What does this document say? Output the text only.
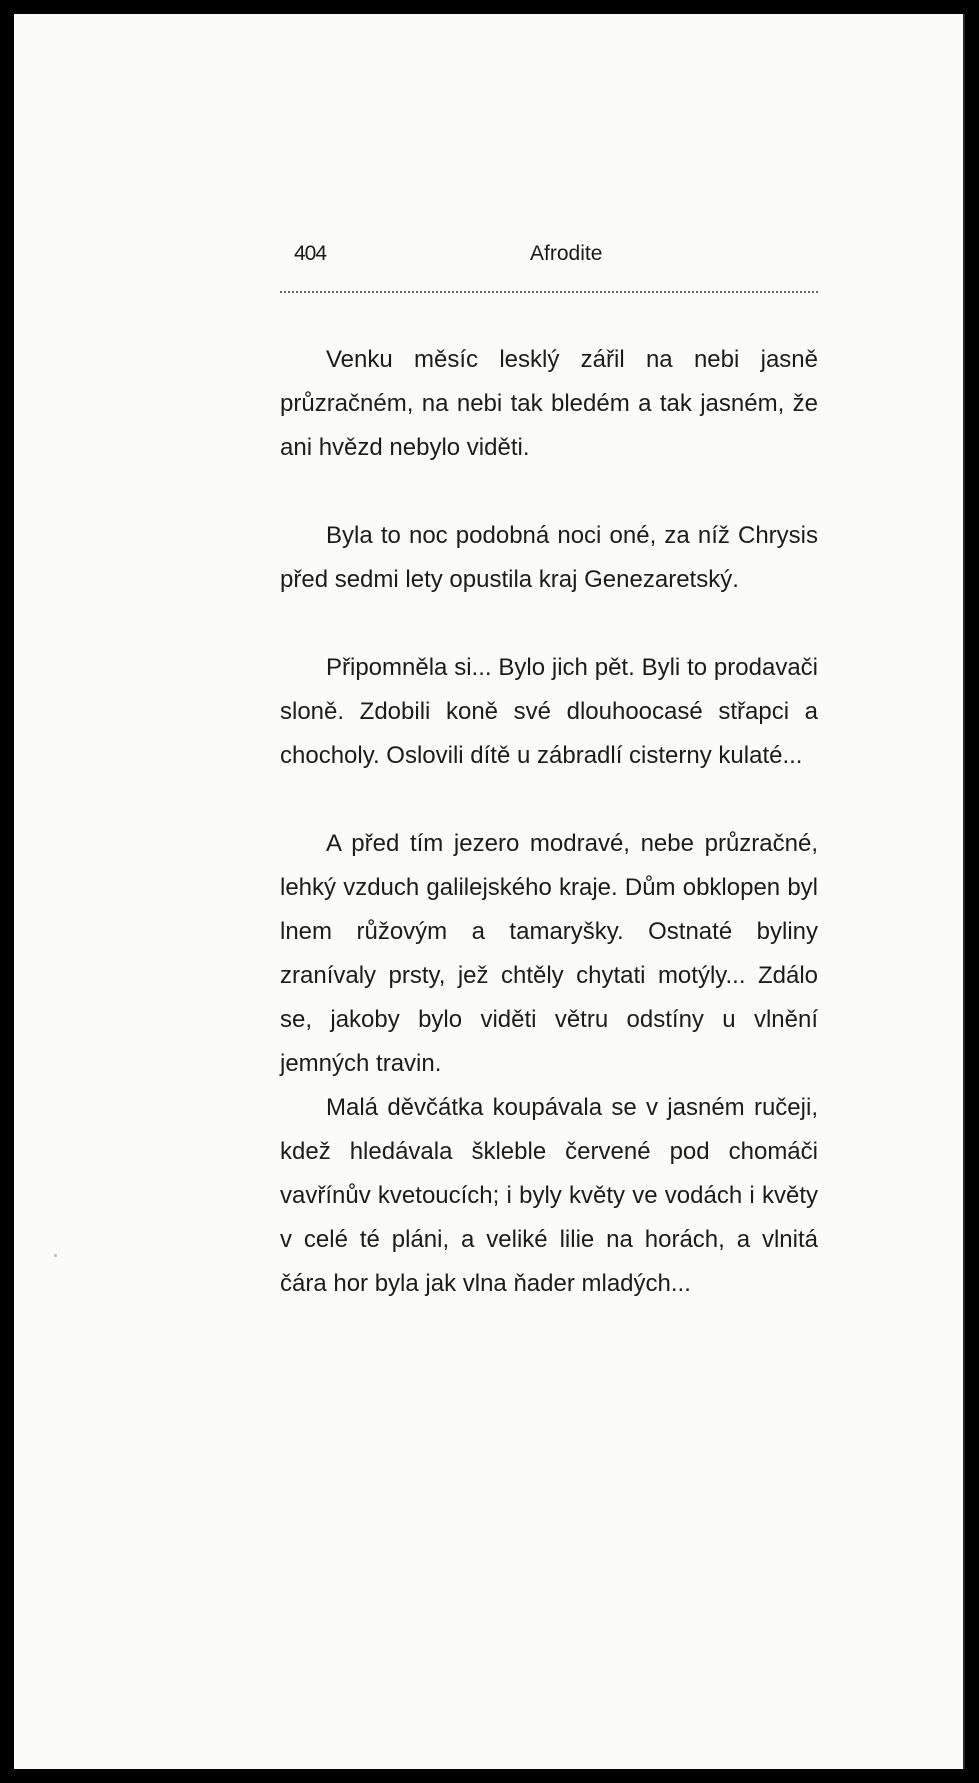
404	Afrodite

Venku měsíc lesklý zářil na nebi jasně průzračném, na nebi tak bledém a tak jasném, že ani hvězd nebylo viděti.

Byla to noc podobná noci oné, za níž Chrysis před sedmi lety opustila kraj Genezaretský.

Připomněla si... Bylo jich pět. Byli to prodavači sloně. Zdobili koně své dlouhoocasé střapci a chocholy. Oslovili dítě u zábradlí cisterny kulaté...

A před tím jezero modravé, nebe průzračné, lehký vzduch galilejského kraje. Dům obklopen byl lnem růžovým a tamaryšky. Ostnaté byliny zranívaly prsty, jež chtěly chytati motýly... Zdálo se, jakoby bylo viděti větru odstíny u vlnění jemných travin.

Malá děvčátka koupávala se v jasném ručeji, kdež hledávala škleble červené pod chomáči vavřínův kvetoucích; i byly květy ve vodách i květy v celé té pláni, a veliké lilie na horách, a vlnitá čára hor byla jak vlna ňader mladých...
